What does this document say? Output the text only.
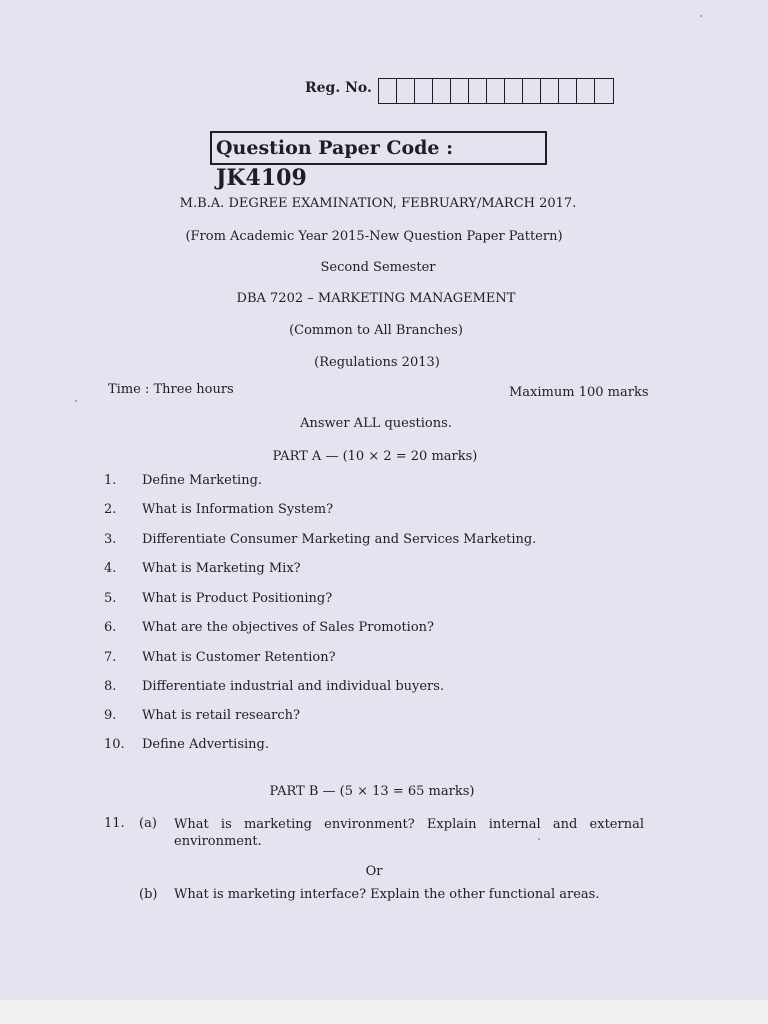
Reg. No.
Question Paper Code : JK4109
M.B.A. DEGREE EXAMINATION, FEBRUARY/MARCH 2017.
(From Academic Year 2015-New Question Paper Pattern)
Second Semester
DBA 7202 – MARKETING MANAGEMENT
(Common to All Branches)
(Regulations 2013)
Time : Three hours	Maximum 100 marks
Answer ALL questions.
PART A — (10 × 2 = 20 marks)
1.	Define Marketing.
2.	What is Information System?
3.	Differentiate Consumer Marketing and Services Marketing.
4.	What is Marketing Mix?
5.	What is Product Positioning?
6.	What are the objectives of Sales Promotion?
7.	What is Customer Retention?
8.	Differentiate industrial and individual buyers.
9.	What is retail research?
10.	Define Advertising.
PART B — (5 × 13 = 65 marks)
11. (a) What is marketing environment? Explain internal and external environment.
Or
(b) What is marketing interface? Explain the other functional areas.
